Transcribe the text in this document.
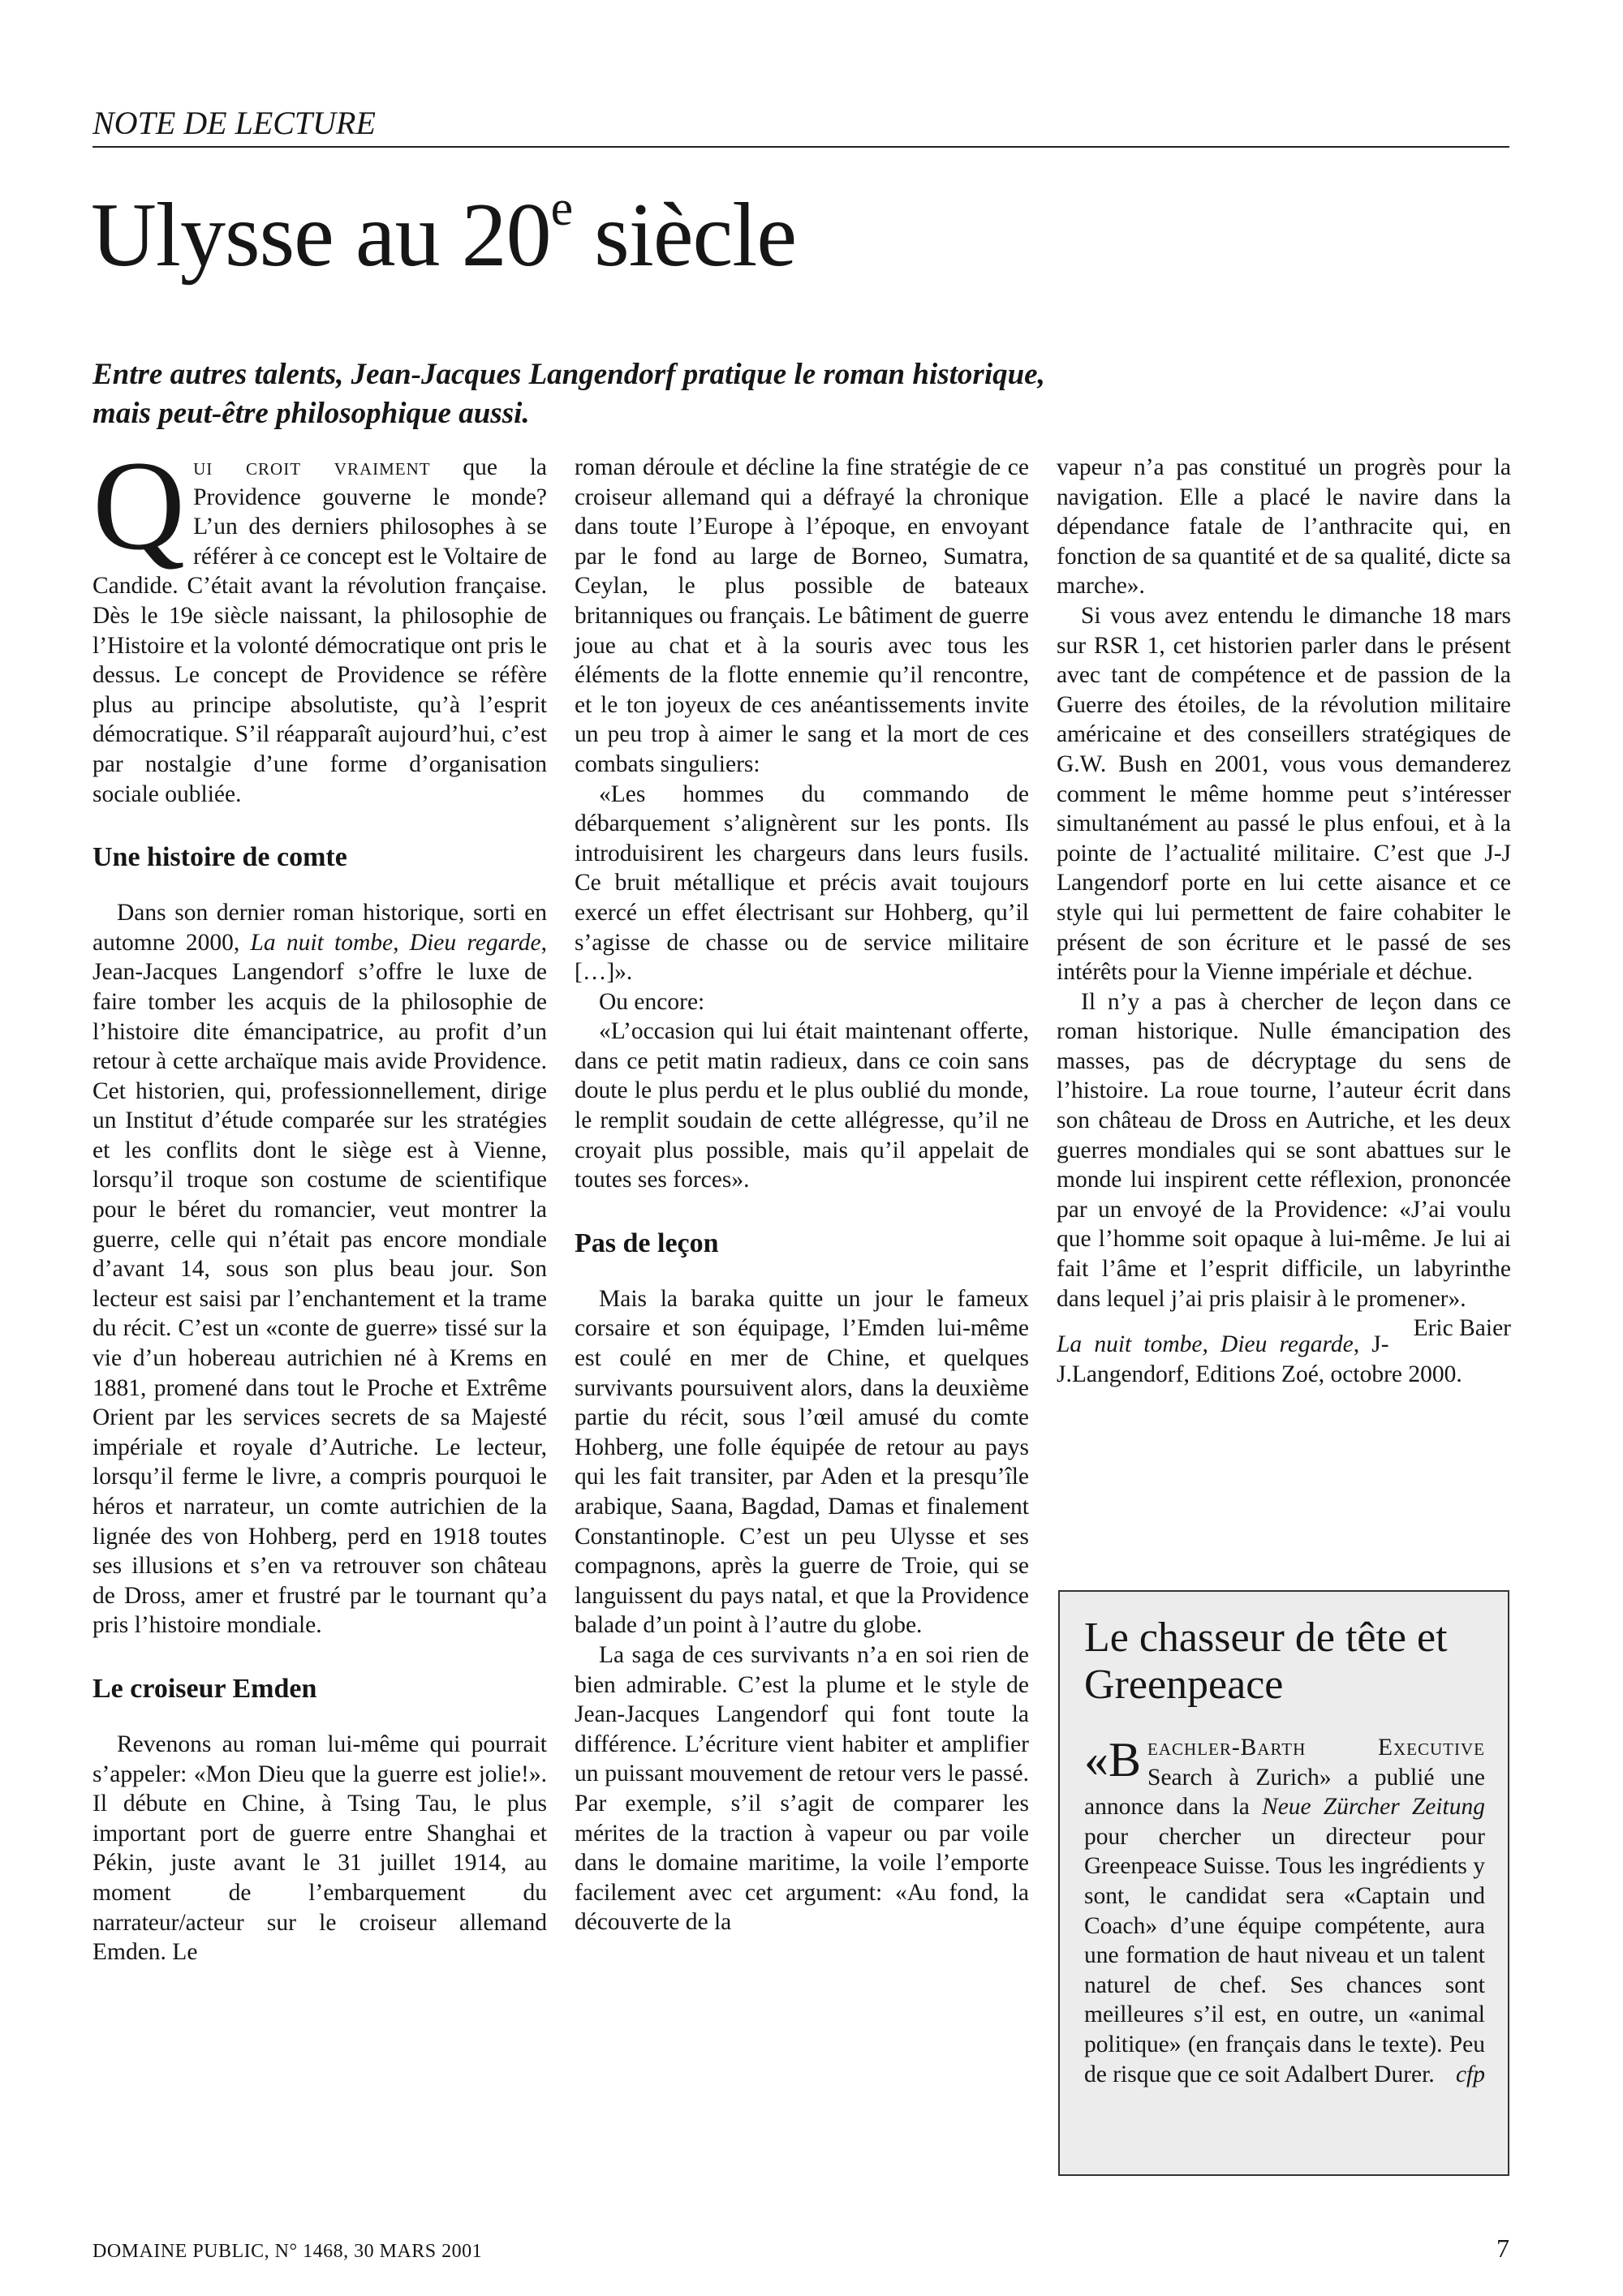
NOTE DE LECTURE
Ulysse au 20e siècle
Entre autres talents, Jean-Jacques Langendorf pratique le roman historique,
mais peut-être philosophique aussi.

Qui croit vraiment que la Providence gouverne le monde? L’un des derniers philosophes à se référer à ce concept est le Voltaire de Candide. C’était avant la révolution française. Dès le 19e siècle naissant, la philosophie de l’Histoire et la volonté démocratique ont pris le dessus. Le concept de Providence se réfère plus au principe absolutiste, qu’à l’esprit démocratique. S’il réapparaît aujourd’hui, c’est par nostalgie d’une forme d’organisation sociale oubliée.

Une histoire de comte

Dans son dernier roman historique, sorti en automne 2000, La nuit tombe, Dieu regarde, Jean-Jacques Langendorf s’offre le luxe de faire tomber les acquis de la philosophie de l’histoire dite émancipatrice, au profit d’un retour à cette archaïque mais avide Providence. Cet historien, qui, professionnellement, dirige un Institut d’étude comparée sur les stratégies et les conflits dont le siège est à Vienne, lorsqu’il troque son costume de scientifique pour le béret du romancier, veut montrer la guerre, celle qui n’était pas encore mondiale d’avant 14, sous son plus beau jour. Son lecteur est saisi par l’enchantement et la trame du récit. C’est un «conte de guerre» tissé sur la vie d’un hobereau autrichien né à Krems en 1881, promené dans tout le Proche et Extrême Orient par les services secrets de sa Majesté impériale et royale d’Autriche. Le lecteur, lorsqu’il ferme le livre, a compris pourquoi le héros et narrateur, un comte autrichien de la lignée des von Hohberg, perd en 1918 toutes ses illusions et s’en va retrouver son château de Dross, amer et frustré par le tournant qu’a pris l’histoire mondiale.

Le croiseur Emden

Revenons au roman lui-même qui pourrait s’appeler: «Mon Dieu que la guerre est jolie!». Il débute en Chine, à Tsing Tau, le plus important port de guerre entre Shanghai et Pékin, juste avant le 31 juillet 1914, au moment de l’embarquement du narrateur/acteur sur le croiseur allemand Emden. Le

roman déroule et décline la fine stratégie de ce croiseur allemand qui a défrayé la chronique dans toute l’Europe à l’époque, en envoyant par le fond au large de Borneo, Sumatra, Ceylan, le plus possible de bateaux britanniques ou français. Le bâtiment de guerre joue au chat et à la souris avec tous les éléments de la flotte ennemie qu’il rencontre, et le ton joyeux de ces anéantissements invite un peu trop à aimer le sang et la mort de ces combats singuliers:

«Les hommes du commando de débarquement s’alignèrent sur les ponts. Ils introduisirent les chargeurs dans leurs fusils. Ce bruit métallique et précis avait toujours exercé un effet électrisant sur Hohberg, qu’il s’agisse de chasse ou de service militaire […]».

Ou encore:

«L’occasion qui lui était maintenant offerte, dans ce petit matin radieux, dans ce coin sans doute le plus perdu et le plus oublié du monde, le remplit soudain de cette allégresse, qu’il ne croyait plus possible, mais qu’il appelait de toutes ses forces».

Pas de leçon

Mais la baraka quitte un jour le fameux corsaire et son équipage, l’Emden lui-même est coulé en mer de Chine, et quelques survivants poursuivent alors, dans la deuxième partie du récit, sous l’œil amusé du comte Hohberg, une folle équipée de retour au pays qui les fait transiter, par Aden et la presqu’île arabique, Saana, Bagdad, Damas et finalement Constantinople. C’est un peu Ulysse et ses compagnons, après la guerre de Troie, qui se languissent du pays natal, et que la Providence balade d’un point à l’autre du globe.

La saga de ces survivants n’a en soi rien de bien admirable. C’est la plume et le style de Jean-Jacques Langendorf qui font toute la différence. L’écriture vient habiter et amplifier un puissant mouvement de retour vers le passé. Par exemple, s’il s’agit de comparer les mérites de la traction à vapeur ou par voile dans le domaine maritime, la voile l’emporte facilement avec cet argument: «Au fond, la découverte de la

vapeur n’a pas constitué un progrès pour la navigation. Elle a placé le navire dans la dépendance fatale de l’anthracite qui, en fonction de sa quantité et de sa qualité, dicte sa marche».

Si vous avez entendu le dimanche 18 mars sur RSR 1, cet historien parler dans le présent avec tant de compétence et de passion de la Guerre des étoiles, de la révolution militaire américaine et des conseillers stratégiques de G.W. Bush en 2001, vous vous demanderez comment le même homme peut s’intéresser simultanément au passé le plus enfoui, et à la pointe de l’actualité militaire. C’est que J-J Langendorf porte en lui cette aisance et ce style qui lui permettent de faire cohabiter le présent de son écriture et le passé de ses intérêts pour la Vienne impériale et déchue.

Il n’y a pas à chercher de leçon dans ce roman historique. Nulle émancipation des masses, pas de décryptage du sens de l’histoire. La roue tourne, l’auteur écrit dans son château de Dross en Autriche, et les deux guerres mondiales qui se sont abattues sur le monde lui inspirent cette réflexion, prononcée par un envoyé de la Providence: «J’ai voulu que l’homme soit opaque à lui-même. Je lui ai fait l’âme et l’esprit difficile, un labyrinthe dans lequel j’ai pris plaisir à le promener».
Eric Baier

La nuit tombe, Dieu regarde, J-J.Langendorf, Editions Zoé, octobre 2000.

Le chasseur de tête et Greenpeace

«B eachler-Barth Executive Search à Zurich» a publié une annonce dans la Neue Zürcher Zeitung pour chercher un directeur pour Greenpeace Suisse. Tous les ingrédients y sont, le candidat sera «Captain und Coach» d’une équipe compétente, aura une formation de haut niveau et un talent naturel de chef. Ses chances sont meilleures s’il est, en outre, un «animal politique» (en français dans le texte). Peu de risque que ce soit Adalbert Durer. cfp

DOMAINE PUBLIC, N° 1468, 30 MARS 2001	7
